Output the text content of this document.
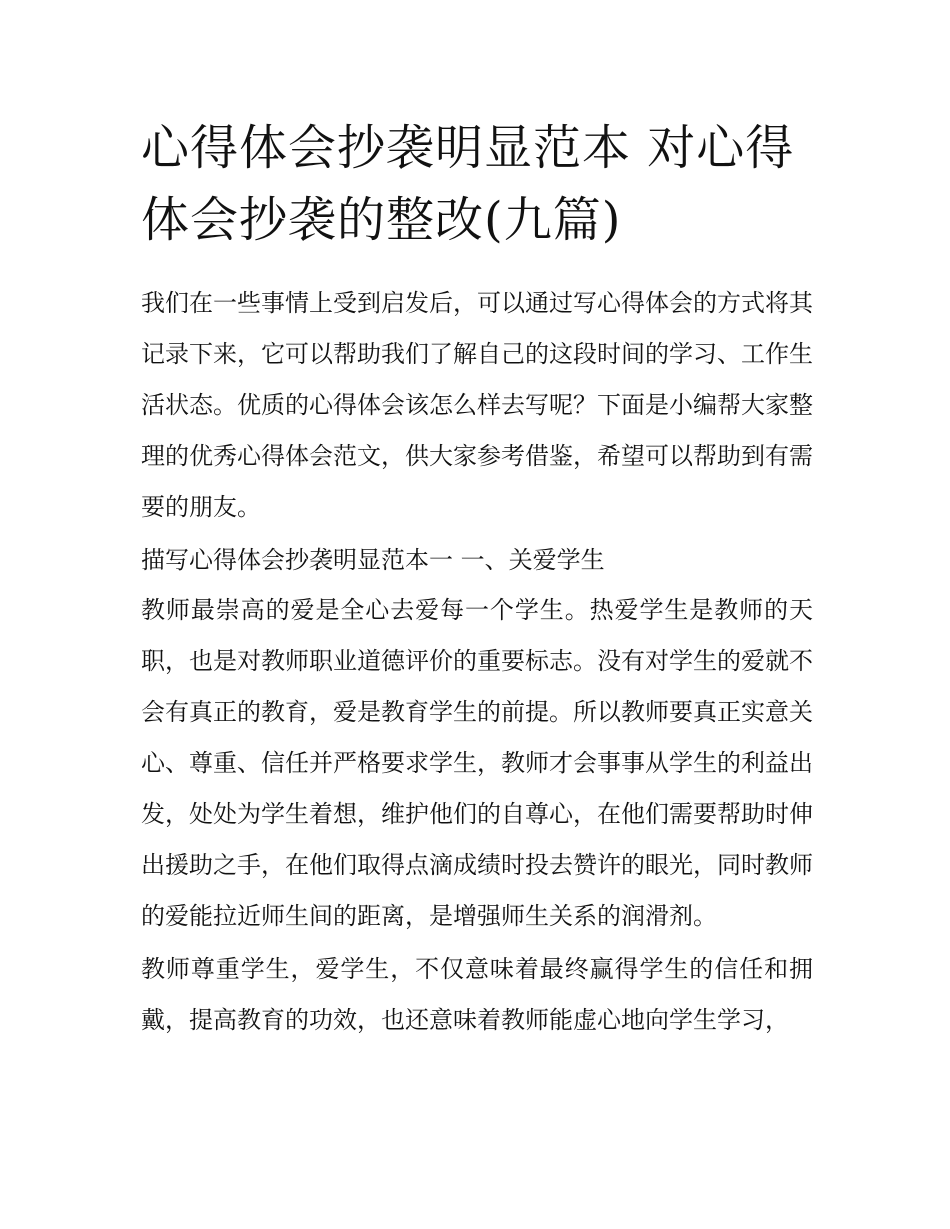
心得体会抄袭明显范本 对心得体会抄袭的整改(九篇)

我们在一些事情上受到启发后，可以通过写心得体会的方式将其记录下来，它可以帮助我们了解自己的这段时间的学习、工作生活状态。优质的心得体会该怎么样去写呢？下面是小编帮大家整理的优秀心得体会范文，供大家参考借鉴，希望可以帮助到有需要的朋友。

描写心得体会抄袭明显范本一 一、关爱学生

教师最崇高的爱是全心去爱每一个学生。热爱学生是教师的天职，也是对教师职业道德评价的重要标志。没有对学生的爱就不会有真正的教育，爱是教育学生的前提。所以教师要真正实意关心、尊重、信任并严格要求学生，教师才会事事从学生的利益出发，处处为学生着想，维护他们的自尊心，在他们需要帮助时伸出援助之手，在他们取得点滴成绩时投去赞许的眼光，同时教师的爱能拉近师生间的距离，是增强师生关系的润滑剂。

教师尊重学生，爱学生，不仅意味着最终赢得学生的信任和拥戴，提高教育的功效，也还意味着教师能虚心地向学生学习，
